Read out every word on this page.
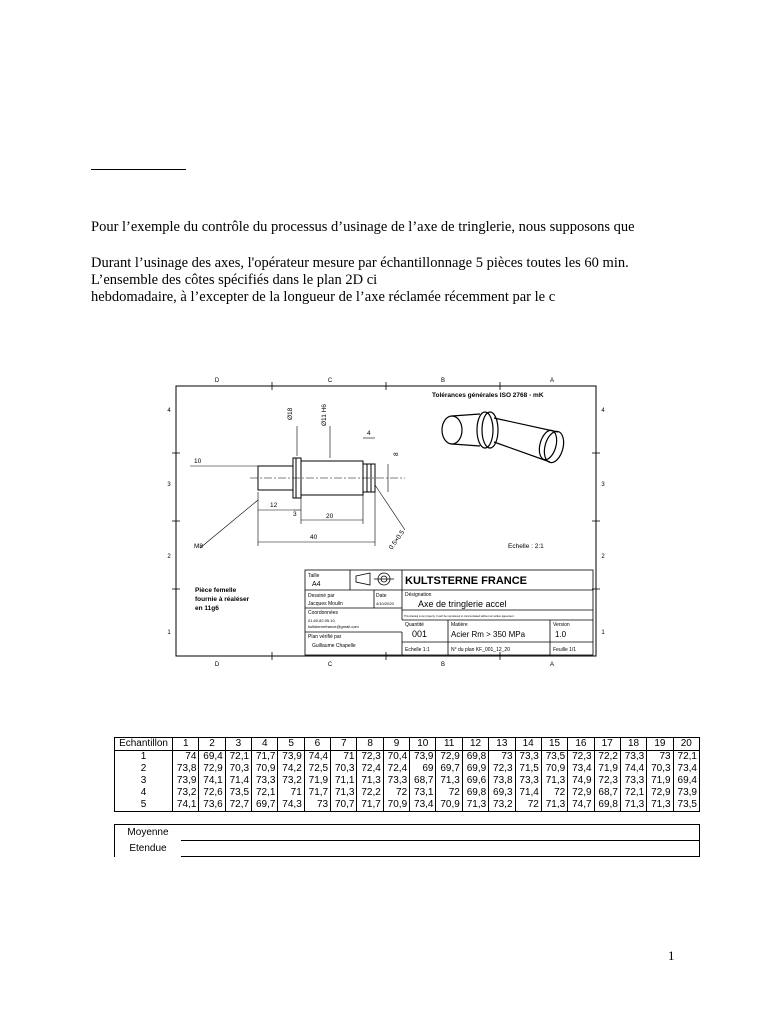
Pour l’exemple du contrôle du processus d’usinage de l’axe de tringlerie, nous supposons que
Durant l’usinage des axes, l'opérateur mesure par échantillonnage 5 pièces toutes les 60 min.
L’ensemble des côtes spécifiés dans le plan 2D ci
hebdomadaire, à l’excepter de la longueur de l’axe réclamée récemment par le c
D	C	B	A
D	C	B	A
4
3
2
1
4
3
2
1
Tolérances générales ISO 2768 - mK
Ø18	Ø11 H6
10
4
8
12
3	20
40	0.5×0.5
M8	Echelle : 2:1
Pièce femelle
fournie à réaléser
en 11g6
Taille
A4	KULTSTERNE FRANCE
Dessiné par
Jacques Moulin
Date
4/10/2020
Désignation
Axe de tringlerie accel
Coordonnées
01.60.82.95.10
kultsternefrance@gmail.com
Plan vérifié par
Guillaume Chapelle
Quantité
001
Matière
Acier Rm > 350 MPa
Version
1.0
Echelle 1:1	N° du plan KF_001_12_20	Feuille 1/1
This drawing is our property. It can't be reproduced or communicated without our written agreement.
Echantillon	1	2	3	4	5	6	7	8	9	10	11	12	13	14	15	16	17	18	19	20
1	74	69,4	72,1	71,7	73,9	74,4	71	72,3	70,4	73,9	72,9	69,8	73	73,3	73,5	72,3	72,2	73,3	73	72,1
2	73,8	72,9	70,3	70,9	74,2	72,5	70,3	72,4	72,4	69	69,7	69,9	72,3	71,5	70,9	73,4	71,9	74,4	70,3	73,4
3	73,9	74,1	71,4	73,3	73,2	71,9	71,1	71,3	73,3	68,7	71,3	69,6	73,8	73,3	71,3	74,9	72,3	73,3	71,9	69,4
4	73,2	72,6	73,5	72,1	71	71,7	71,3	72,2	72	73,1	72	69,8	69,3	71,4	72	72,9	68,7	72,1	72,9	73,9
5	74,1	73,6	72,7	69,7	74,3	73	70,7	71,7	70,9	73,4	70,9	71,3	73,2	72	71,3	74,7	69,8	71,3	71,3	73,5
Moyenne	
Etendue	
1
